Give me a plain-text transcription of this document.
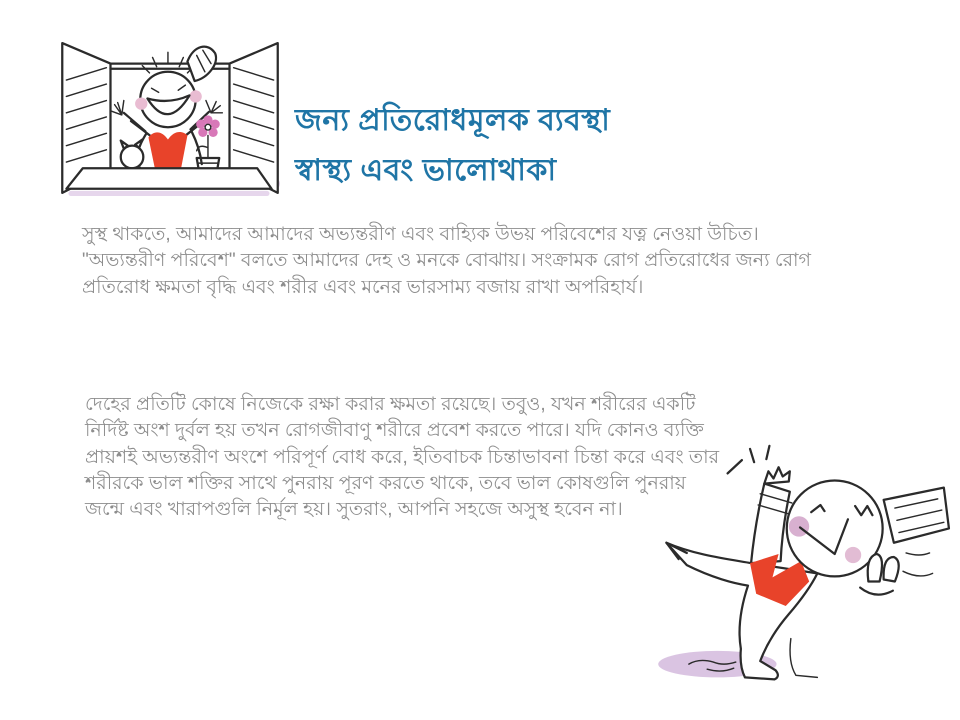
জন্য প্রতিরোধমূলক ব্যবস্থা
স্বাস্থ্য এবং ভালোথাকা
সুস্থ থাকতে, আমাদের আমাদের অভ্যন্তরীণ এবং বাহ্যিক উভয় পরিবেশের যত্ন নেওয়া উচিত।
"অভ্যন্তরীণ পরিবেশ" বলতে আমাদের দেহ ও মনকে বোঝায়। সংক্রামক রোগ প্রতিরোধের জন্য রোগ
প্রতিরোধ ক্ষমতা বৃদ্ধি এবং শরীর এবং মনের ভারসাম্য বজায় রাখা অপরিহার্য।
দেহের প্রতিটি কোষে নিজেকে রক্ষা করার ক্ষমতা রয়েছে। তবুও, যখন শরীরের একটি
নির্দিষ্ট অংশ দুর্বল হয় তখন রোগজীবাণু শরীরে প্রবেশ করতে পারে। যদি কোনও ব্যক্তি
প্রায়শই অভ্যন্তরীণ অংশে পরিপূর্ণ বোধ করে, ইতিবাচক চিন্তাভাবনা চিন্তা করে এবং তার
শরীরকে ভাল শক্তির সাথে পুনরায় পূরণ করতে থাকে, তবে ভাল কোষগুলি পুনরায়
জন্মে এবং খারাপগুলি নির্মূল হয়। সুতরাং, আপনি সহজে অসুস্থ হবেন না।
